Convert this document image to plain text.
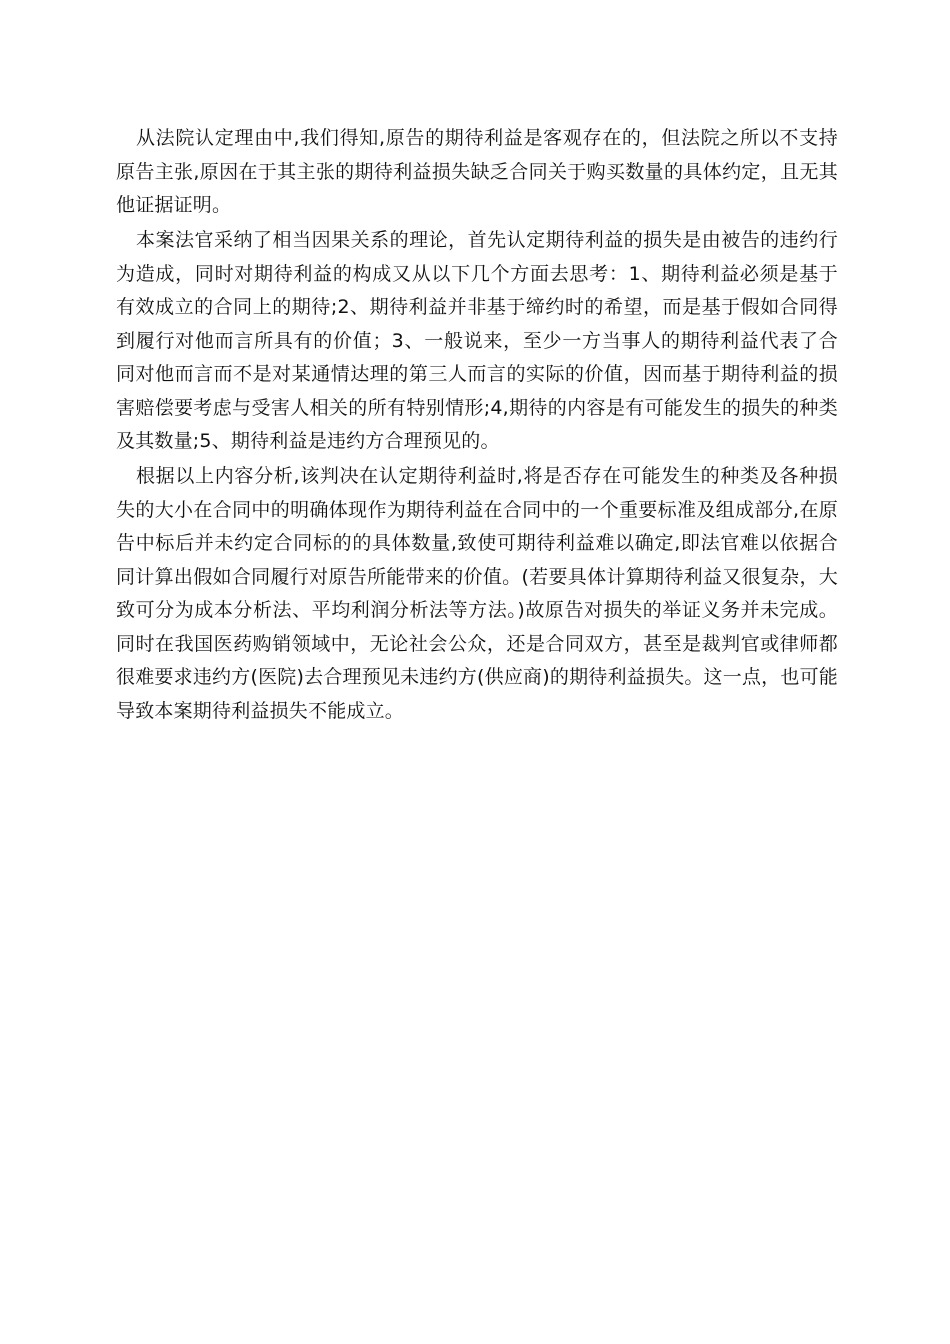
从法院认定理由中,我们得知,原告的期待利益是客观存在的，但法院之所以不支持原告主张,原因在于其主张的期待利益损失缺乏合同关于购买数量的具体约定，且无其他证据证明。

本案法官采纳了相当因果关系的理论，首先认定期待利益的损失是由被告的违约行为造成，同时对期待利益的构成又从以下几个方面去思考：1、期待利益必须是基于有效成立的合同上的期待;2、期待利益并非基于缔约时的希望，而是基于假如合同得到履行对他而言所具有的价值；3、一般说来，至少一方当事人的期待利益代表了合同对他而言而不是对某通情达理的第三人而言的实际的价值，因而基于期待利益的损害赔偿要考虑与受害人相关的所有特别情形;4,期待的内容是有可能发生的损失的种类及其数量;5、期待利益是违约方合理预见的。

根据以上内容分析,该判决在认定期待利益时,将是否存在可能发生的种类及各种损失的大小在合同中的明确体现作为期待利益在合同中的一个重要标准及组成部分,在原告中标后并未约定合同标的的具体数量,致使可期待利益难以确定,即法官难以依据合同计算出假如合同履行对原告所能带来的价值。(若要具体计算期待利益又很复杂，大致可分为成本分析法、平均利润分析法等方法。)故原告对损失的举证义务并未完成。同时在我国医药购销领域中，无论社会公众，还是合同双方，甚至是裁判官或律师都很难要求违约方(医院)去合理预见未违约方(供应商)的期待利益损失。这一点，也可能导致本案期待利益损失不能成立。
